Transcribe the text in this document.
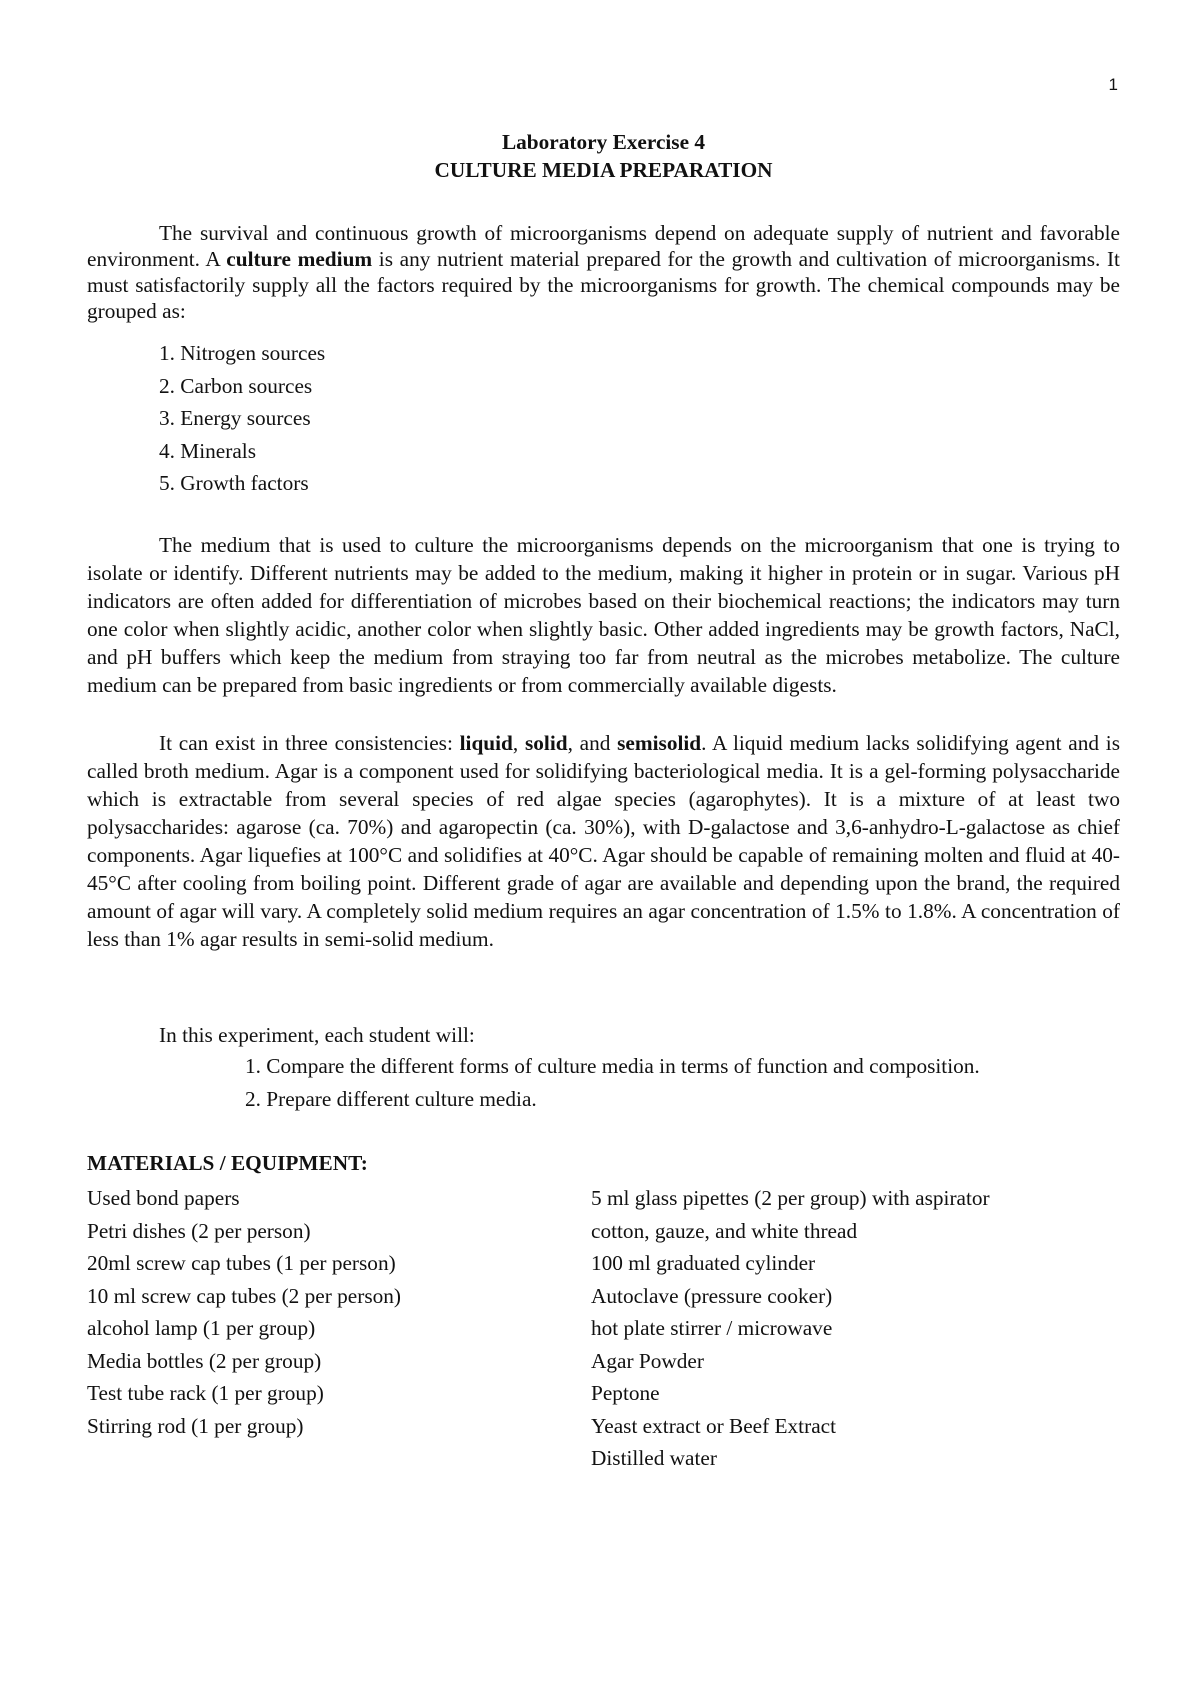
1
Laboratory Exercise 4
CULTURE MEDIA PREPARATION

The survival and continuous growth of microorganisms depend on adequate supply of nutrient and favorable environment. A culture medium is any nutrient material prepared for the growth and cultivation of microorganisms. It must satisfactorily supply all the factors required by the microorganisms for growth. The chemical compounds may be grouped as:

1. Nitrogen sources
2. Carbon sources
3. Energy sources
4. Minerals
5. Growth factors

The medium that is used to culture the microorganisms depends on the microorganism that one is trying to isolate or identify. Different nutrients may be added to the medium, making it higher in protein or in sugar. Various pH indicators are often added for differentiation of microbes based on their biochemical reactions; the indicators may turn one color when slightly acidic, another color when slightly basic. Other added ingredients may be growth factors, NaCl, and pH buffers which keep the medium from straying too far from neutral as the microbes metabolize. The culture medium can be prepared from basic ingredients or from commercially available digests.

It can exist in three consistencies: liquid, solid, and semisolid. A liquid medium lacks solidifying agent and is called broth medium. Agar is a component used for solidifying bacteriological media. It is a gel-forming polysaccharide which is extractable from several species of red algae species (agarophytes). It is a mixture of at least two polysaccharides: agarose (ca. 70%) and agaropectin (ca. 30%), with D-galactose and 3,6-anhydro-L-galactose as chief components. Agar liquefies at 100°C and solidifies at 40°C. Agar should be capable of remaining molten and fluid at 40-45°C after cooling from boiling point. Different grade of agar are available and depending upon the brand, the required amount of agar will vary. A completely solid medium requires an agar concentration of 1.5% to 1.8%. A concentration of less than 1% agar results in semi-solid medium.

In this experiment, each student will:
1. Compare the different forms of culture media in terms of function and composition.
2. Prepare different culture media.
MATERIALS / EQUIPMENT:
Used bond papers
Petri dishes (2 per person)
20ml screw cap tubes (1 per person)
10 ml screw cap tubes (2 per person)
alcohol lamp (1 per group)
Media bottles (2 per group)
Test tube rack (1 per group)
Stirring rod (1 per group)
5 ml glass pipettes (2 per group) with aspirator
cotton, gauze, and white thread
100 ml graduated cylinder
Autoclave (pressure cooker)
hot plate stirrer / microwave
Agar Powder
Peptone
Yeast extract or Beef Extract
Distilled water
